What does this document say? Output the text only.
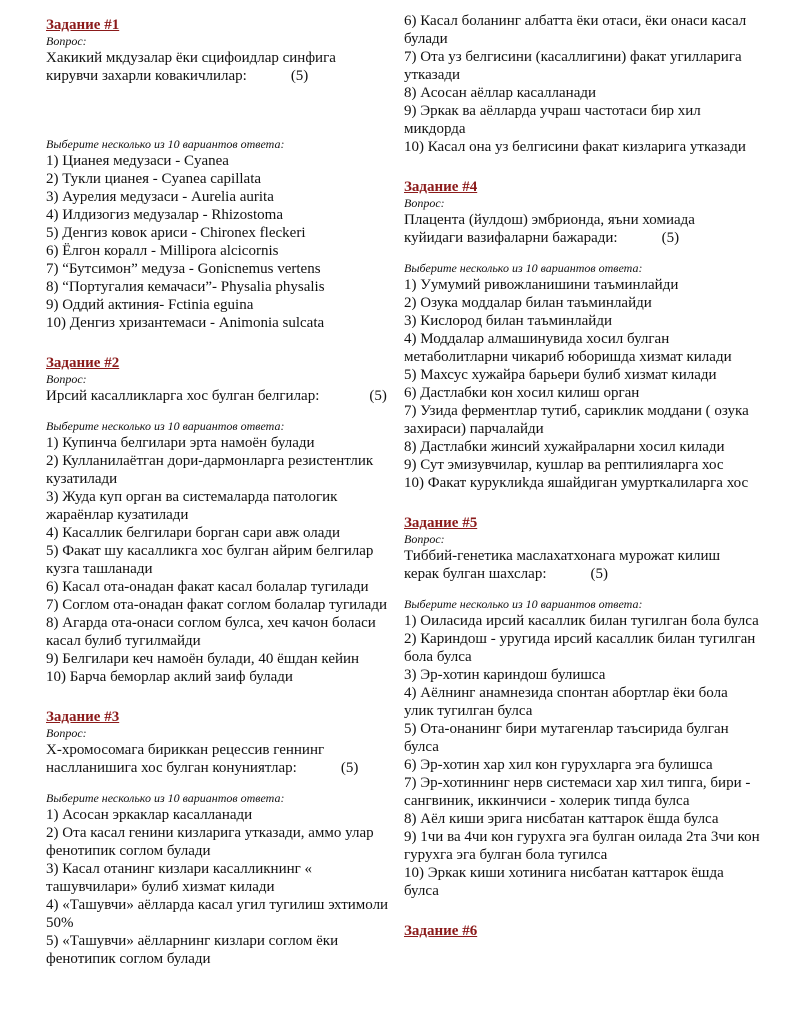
Задание #1
Вопрос:
Хакикий мкдузалар ёки сцифоидлар синфига
кирувчи захарли ковакичлилар:	(5)
Выберите несколько из 10 вариантов ответа:

1) Цианея медузаси - Cyanea

2) Тукли цианея - Cyanea capillata

3) Аурелия медузаси - Aurelia aurita

4) Илдизогиз медузалар - Rhizostoma

5) Денгиз ковок ариси - Chironex fleckeri

6) Ёлгон коралл - Millipora alcicornis

7) “Бутсимон” медуза - Gonicnemus vertens

8) “Португалия кемачаси”- Physalia physalis

9) Оддий актиния- Fctinia eguina

10) Денгиз хризантемаси - Animonia sulcata

Задание #2
Вопрос:
Ирсий касалликларга хос булган белгилар:	(5)
Выберите несколько из 10 вариантов ответа:

1) Купинча белгилари эрта намоён булади

2) Кулланилаётган дори-дармонларга резистентлик кузатилади

3) Жуда куп орган ва системаларда патологик жараёнлар кузатилади

4) Касаллик белгилари борган сари авж олади

5) Факат шу касалликга хос булган айрим белгилар кузга ташланади

6) Касал ота-онадан факат касал болалар тугилади

7) Соглом ота-онадан факат соглом болалар тугилади

8) Агарда ота-онаси соглом булса, хеч качон боласи касал булиб тугилмайди

9) Белгилари кеч намоён булади, 40 ёшдан кейин

10) Барча беморлар аклий заиф булади

Задание #3
Вопрос:
Х-хромосомага бириккан рецессив геннинг
наслланишига хос булган конуниятлар:	(5)
Выберите несколько из 10 вариантов ответа:

1) Асосан эркаклар касалланади

2) Ота касал генини кизларига утказади, аммо улар фенотипик соглом булади

3) Касал отанинг кизлари касалликнинг « ташувчилари» булиб хизмат килади

4) «Ташувчи» аёлларда касал угил тугилиш эхтимоли 50%

5) «Ташувчи» аёлларнинг кизлари соглом ёки фенотипик соглом булади

6) Касал боланинг албатта ёки отаси, ёки онаси касал булади

7) Ота уз белгисини (касаллигини) факат угилларига утказади

8) Асосан аёллар касалланади

9) Эркак ва аёлларда учраш частотаси бир хил микдорда

10) Касал она уз белгисини факат кизларига утказади

Задание #4
Вопрос:
Плацента (йулдош) эмбрионда, яъни хомиада
куйидаги вазифаларни бажаради:	(5)
Выберите несколько из 10 вариантов ответа:

1) Уумумий ривожланишини таъминлайди

2) Озука моддалар билан таъминлайди

3) Кислород билан таъминлайди

4) Моддалар алмашинувида хосил булган метаболитларни чикариб юборишда хизмат килади

5) Махсус хужайра барьери булиб хизмат килади

6) Дастлабки кон хосил килиш орган

7) Узида ферментлар тутиб, сариклик моддани ( озука захираси) парчалайди

8) Дастлабки жинсий хужайраларни хосил килади

9) Сут эмизувчилар, кушлар ва рептилияларга хос

10) Факат куруклиkда яшайдиган умурткалиларга хос

Задание #5
Вопрос:
Тиббий-генетика маслахатхонага мурожат килиш
керак булган шахслар:	(5)
Выберите несколько из 10 вариантов ответа:

1) Оиласида ирсий касаллик билан тугилган бола булса

2) Кариндош - уругида ирсий касаллик билан тугилган бола булса

3) Эр-хотин кариндош булишса

4) Аёлнинг анамнезида спонтан абортлар ёки бола улик тугилган булса

5) Ота-онанинг бири мутагенлар таъсирида булган булса

6) Эр-хотин хар хил кон гурухларга эга булишса

7) Эр-хотиннинг нерв систeмаси хар хил типга, бири - сангвиник, иккинчиси - холерик типда булса

8) Аёл киши эрига нисбатан каттарок ёшда булса

9) 1чи ва 4чи кон гурухга эга булган оилада 2та 3чи кон гурухга эга булган бола тугилса

10) Эркак киши хотинига нисбатан каттарок ёшда булса

Задание #6
